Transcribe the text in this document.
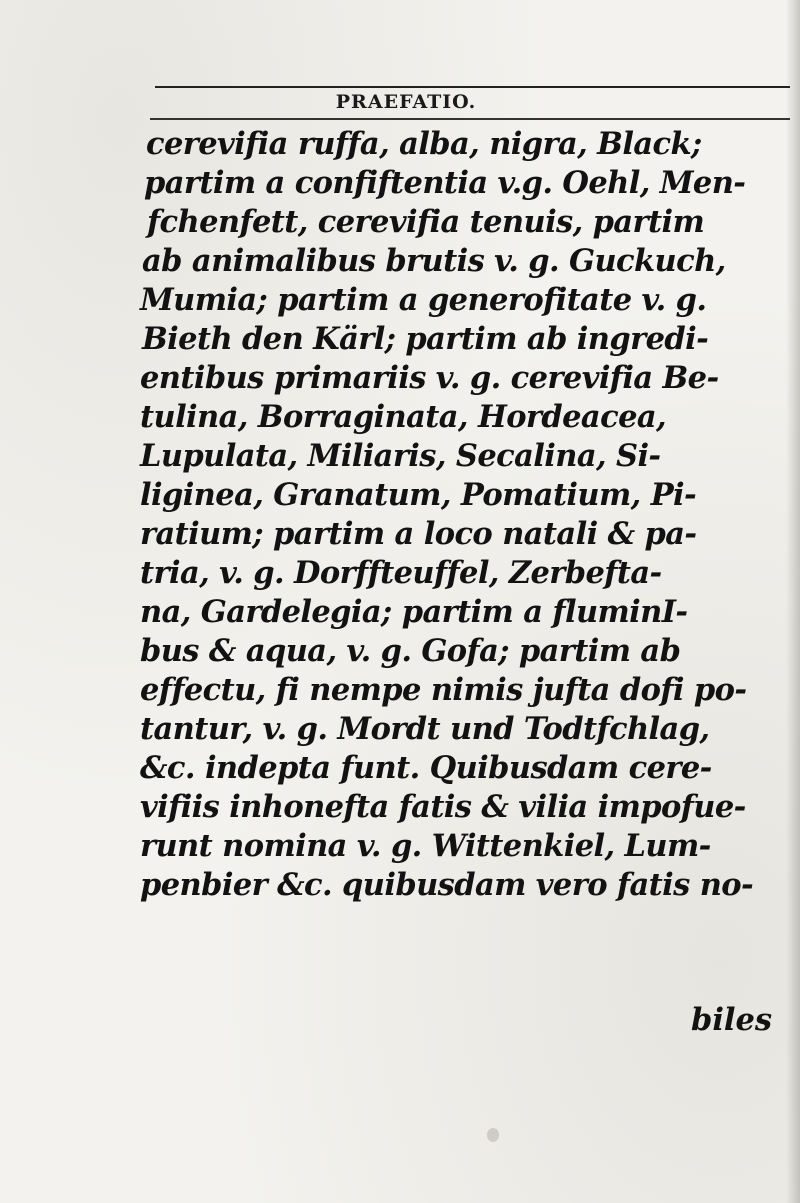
PRAEFATIO.
cerevifia ruffa, alba, nigra, Black;
partim a confiftentia v.g. Oehl, Men-
fchenfett, cerevifia tenuis, partim
ab animalibus brutis v. g. Guckuch,
Mumia; partim a generofitate v. g.
Bieth den Kärl; partim ab ingredi-
entibus primariis v. g. cerevifia Be-
tulina, Borraginata, Hordeacea,
Lupulata, Miliaris, Secalina, Si-
liginea, Granatum, Pomatium, Pi-
ratium; partim a loco natali & pa-
tria, v. g. Dorffteuffel, Zerbefta-
na, Gardelegia; partim a fluminI-
bus & aqua, v. g. Gofa; partim ab
effectu, fi nempe nimis jufta dofi po-
tantur, v. g. Mordt und Todtfchlag,
&c. indepta funt. Quibusdam cere-
vifiis inhonefta fatis & vilia impofue-
runt nomina v. g. Wittenkiel, Lum-
penbier &c. quibusdam vero fatis no-
biles
